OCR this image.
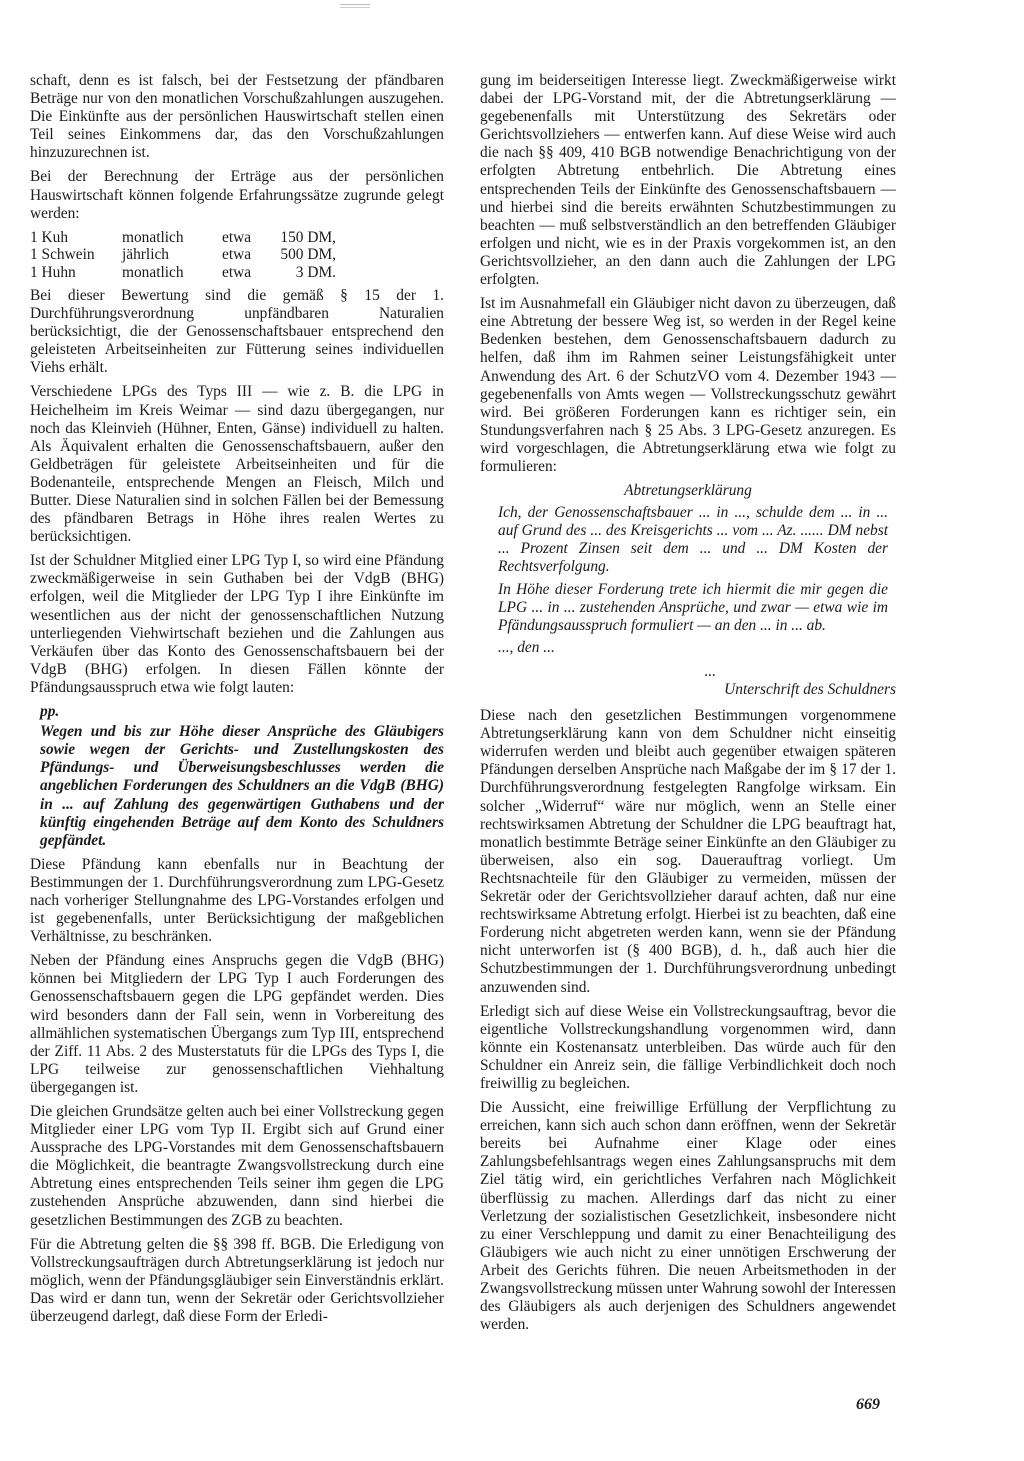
schaft, denn es ist falsch, bei der Festsetzung der pfändbaren Beträge nur von den monatlichen Vorschußzahlungen auszugehen. Die Einkünfte aus der persönlichen Hauswirtschaft stellen einen Teil seines Einkommens dar, das den Vorschußzahlungen hinzuzurechnen ist.

Bei der Berechnung der Erträge aus der persönlichen Hauswirtschaft können folgende Erfahrungssätze zugrunde gelegt werden:

1 Kuh	monatlich	etwa	150 DM,
1 Schwein	jährlich	etwa	500 DM,
1 Huhn	monatlich	etwa	3 DM.

Bei dieser Bewertung sind die gemäß § 15 der 1. Durchführungsverordnung unpfändbaren Naturalien berücksichtigt, die der Genossenschaftsbauer entsprechend den geleisteten Arbeitseinheiten zur Fütterung seines individuellen Viehs erhält.

Verschiedene LPGs des Typs III — wie z. B. die LPG in Heichelheim im Kreis Weimar — sind dazu übergegangen, nur noch das Kleinvieh (Hühner, Enten, Gänse) individuell zu halten. Als Äquivalent erhalten die Genossenschaftsbauern, außer den Geldbeträgen für geleistete Arbeitseinheiten und für die Bodenanteile, entsprechende Mengen an Fleisch, Milch und Butter. Diese Naturalien sind in solchen Fällen bei der Bemessung des pfändbaren Betrags in Höhe ihres realen Wertes zu berücksichtigen.

Ist der Schuldner Mitglied einer LPG Typ I, so wird eine Pfändung zweckmäßigerweise in sein Guthaben bei der VdgB (BHG) erfolgen, weil die Mitglieder der LPG Typ I ihre Einkünfte im wesentlichen aus der nicht der genossenschaftlichen Nutzung unterliegenden Viehwirtschaft beziehen und die Zahlungen aus Verkäufen über das Konto des Genossenschaftsbauern bei der VdgB (BHG) erfolgen. In diesen Fällen könnte der Pfändungsausspruch etwa wie folgt lauten:

pp.
Wegen und bis zur Höhe dieser Ansprüche des Gläubigers sowie wegen der Gerichts- und Zustellungskosten des Pfändungs- und Überweisungsbeschlusses werden die angeblichen Forderungen des Schuldners an die VdgB (BHG) in ... auf Zahlung des gegenwärtigen Guthabens und der künftig eingehenden Beträge auf dem Konto des Schuldners gepfändet.

Diese Pfändung kann ebenfalls nur in Beachtung der Bestimmungen der 1. Durchführungsverordnung zum LPG-Gesetz nach vorheriger Stellungnahme des LPG-Vorstandes erfolgen und ist gegebenenfalls, unter Berücksichtigung der maßgeblichen Verhältnisse, zu beschränken.

Neben der Pfändung eines Anspruchs gegen die VdgB (BHG) können bei Mitgliedern der LPG Typ I auch Forderungen des Genossenschaftsbauern gegen die LPG gepfändet werden. Dies wird besonders dann der Fall sein, wenn in Vorbereitung des allmählichen systematischen Übergangs zum Typ III, entsprechend der Ziff. 11 Abs. 2 des Musterstatuts für die LPGs des Typs I, die LPG teilweise zur genossenschaftlichen Viehhaltung übergegangen ist.

Die gleichen Grundsätze gelten auch bei einer Vollstreckung gegen Mitglieder einer LPG vom Typ II. Ergibt sich auf Grund einer Aussprache des LPG-Vorstandes mit dem Genossenschaftsbauern die Möglichkeit, die beantragte Zwangsvollstreckung durch eine Abtretung eines entsprechenden Teils seiner ihm gegen die LPG zustehenden Ansprüche abzuwenden, dann sind hierbei die gesetzlichen Bestimmungen des ZGB zu beachten.

Für die Abtretung gelten die §§ 398 ff. BGB. Die Erledigung von Vollstreckungsaufträgen durch Abtretungserklärung ist jedoch nur möglich, wenn der Pfändungsgläubiger sein Einverständnis erklärt. Das wird er dann tun, wenn der Sekretär oder Gerichtsvollzieher überzeugend darlegt, daß diese Form der Erledi-

gung im beiderseitigen Interesse liegt. Zweckmäßigerweise wirkt dabei der LPG-Vorstand mit, der die Abtretungserklärung — gegebenenfalls mit Unterstützung des Sekretärs oder Gerichtsvollziehers — entwerfen kann. Auf diese Weise wird auch die nach §§ 409, 410 BGB notwendige Benachrichtigung von der erfolgten Abtretung entbehrlich. Die Abtretung eines entsprechenden Teils der Einkünfte des Genossenschaftsbauern — und hierbei sind die bereits erwähnten Schutzbestimmungen zu beachten — muß selbstverständlich an den betreffenden Gläubiger erfolgen und nicht, wie es in der Praxis vorgekommen ist, an den Gerichtsvollzieher, an den dann auch die Zahlungen der LPG erfolgten.

Ist im Ausnahmefall ein Gläubiger nicht davon zu überzeugen, daß eine Abtretung der bessere Weg ist, so werden in der Regel keine Bedenken bestehen, dem Genossenschaftsbauern dadurch zu helfen, daß ihm im Rahmen seiner Leistungsfähigkeit unter Anwendung des Art. 6 der SchutzVO vom 4. Dezember 1943 — gegebenenfalls von Amts wegen — Vollstreckungsschutz gewährt wird. Bei größeren Forderungen kann es richtiger sein, ein Stundungsverfahren nach § 25 Abs. 3 LPG-Gesetz anzuregen. Es wird vorgeschlagen, die Abtretungserklärung etwa wie folgt zu formulieren:

Abtretungserklärung

Ich, der Genossenschaftsbauer ... in ..., schulde dem ... in ... auf Grund des ... des Kreisgerichts ... vom ... Az. ...... DM nebst ... Prozent Zinsen seit dem ... und ... DM Kosten der Rechtsverfolgung.

In Höhe dieser Forderung trete ich hiermit die mir gegen die LPG ... in ... zustehenden Ansprüche, und zwar — etwa wie im Pfändungsausspruch formuliert — an den ... in ... ab.

..., den ...

...
Unterschrift des Schuldners

Diese nach den gesetzlichen Bestimmungen vorgenommene Abtretungserklärung kann von dem Schuldner nicht einseitig widerrufen werden und bleibt auch gegenüber etwaigen späteren Pfändungen derselben Ansprüche nach Maßgabe der im § 17 der 1. Durchführungsverordnung festgelegten Rangfolge wirksam. Ein solcher „Widerruf“ wäre nur möglich, wenn an Stelle einer rechtswirksamen Abtretung der Schuldner die LPG beauftragt hat, monatlich bestimmte Beträge seiner Einkünfte an den Gläubiger zu überweisen, also ein sog. Dauerauftrag vorliegt. Um Rechtsnachteile für den Gläubiger zu vermeiden, müssen der Sekretär oder der Gerichtsvollzieher darauf achten, daß nur eine rechtswirksame Abtretung erfolgt. Hierbei ist zu beachten, daß eine Forderung nicht abgetreten werden kann, wenn sie der Pfändung nicht unterworfen ist (§ 400 BGB), d. h., daß auch hier die Schutzbestimmungen der 1. Durchführungsverordnung unbedingt anzuwenden sind.

Erledigt sich auf diese Weise ein Vollstreckungsauftrag, bevor die eigentliche Vollstreckungshandlung vorgenommen wird, dann könnte ein Kostenansatz unterbleiben. Das würde auch für den Schuldner ein Anreiz sein, die fällige Verbindlichkeit doch noch freiwillig zu begleichen.

Die Aussicht, eine freiwillige Erfüllung der Verpflichtung zu erreichen, kann sich auch schon dann eröffnen, wenn der Sekretär bereits bei Aufnahme einer Klage oder eines Zahlungsbefehlsantrags wegen eines Zahlungsanspruchs mit dem Ziel tätig wird, ein gerichtliches Verfahren nach Möglichkeit überflüssig zu machen. Allerdings darf das nicht zu einer Verletzung der sozialistischen Gesetzlichkeit, insbesondere nicht zu einer Verschleppung und damit zu einer Benachteiligung des Gläubigers wie auch nicht zu einer unnötigen Erschwerung der Arbeit des Gerichts führen. Die neuen Arbeitsmethoden in der Zwangsvollstreckung müssen unter Wahrung sowohl der Interessen des Gläubigers als auch derjenigen des Schuldners angewendet werden.

669
